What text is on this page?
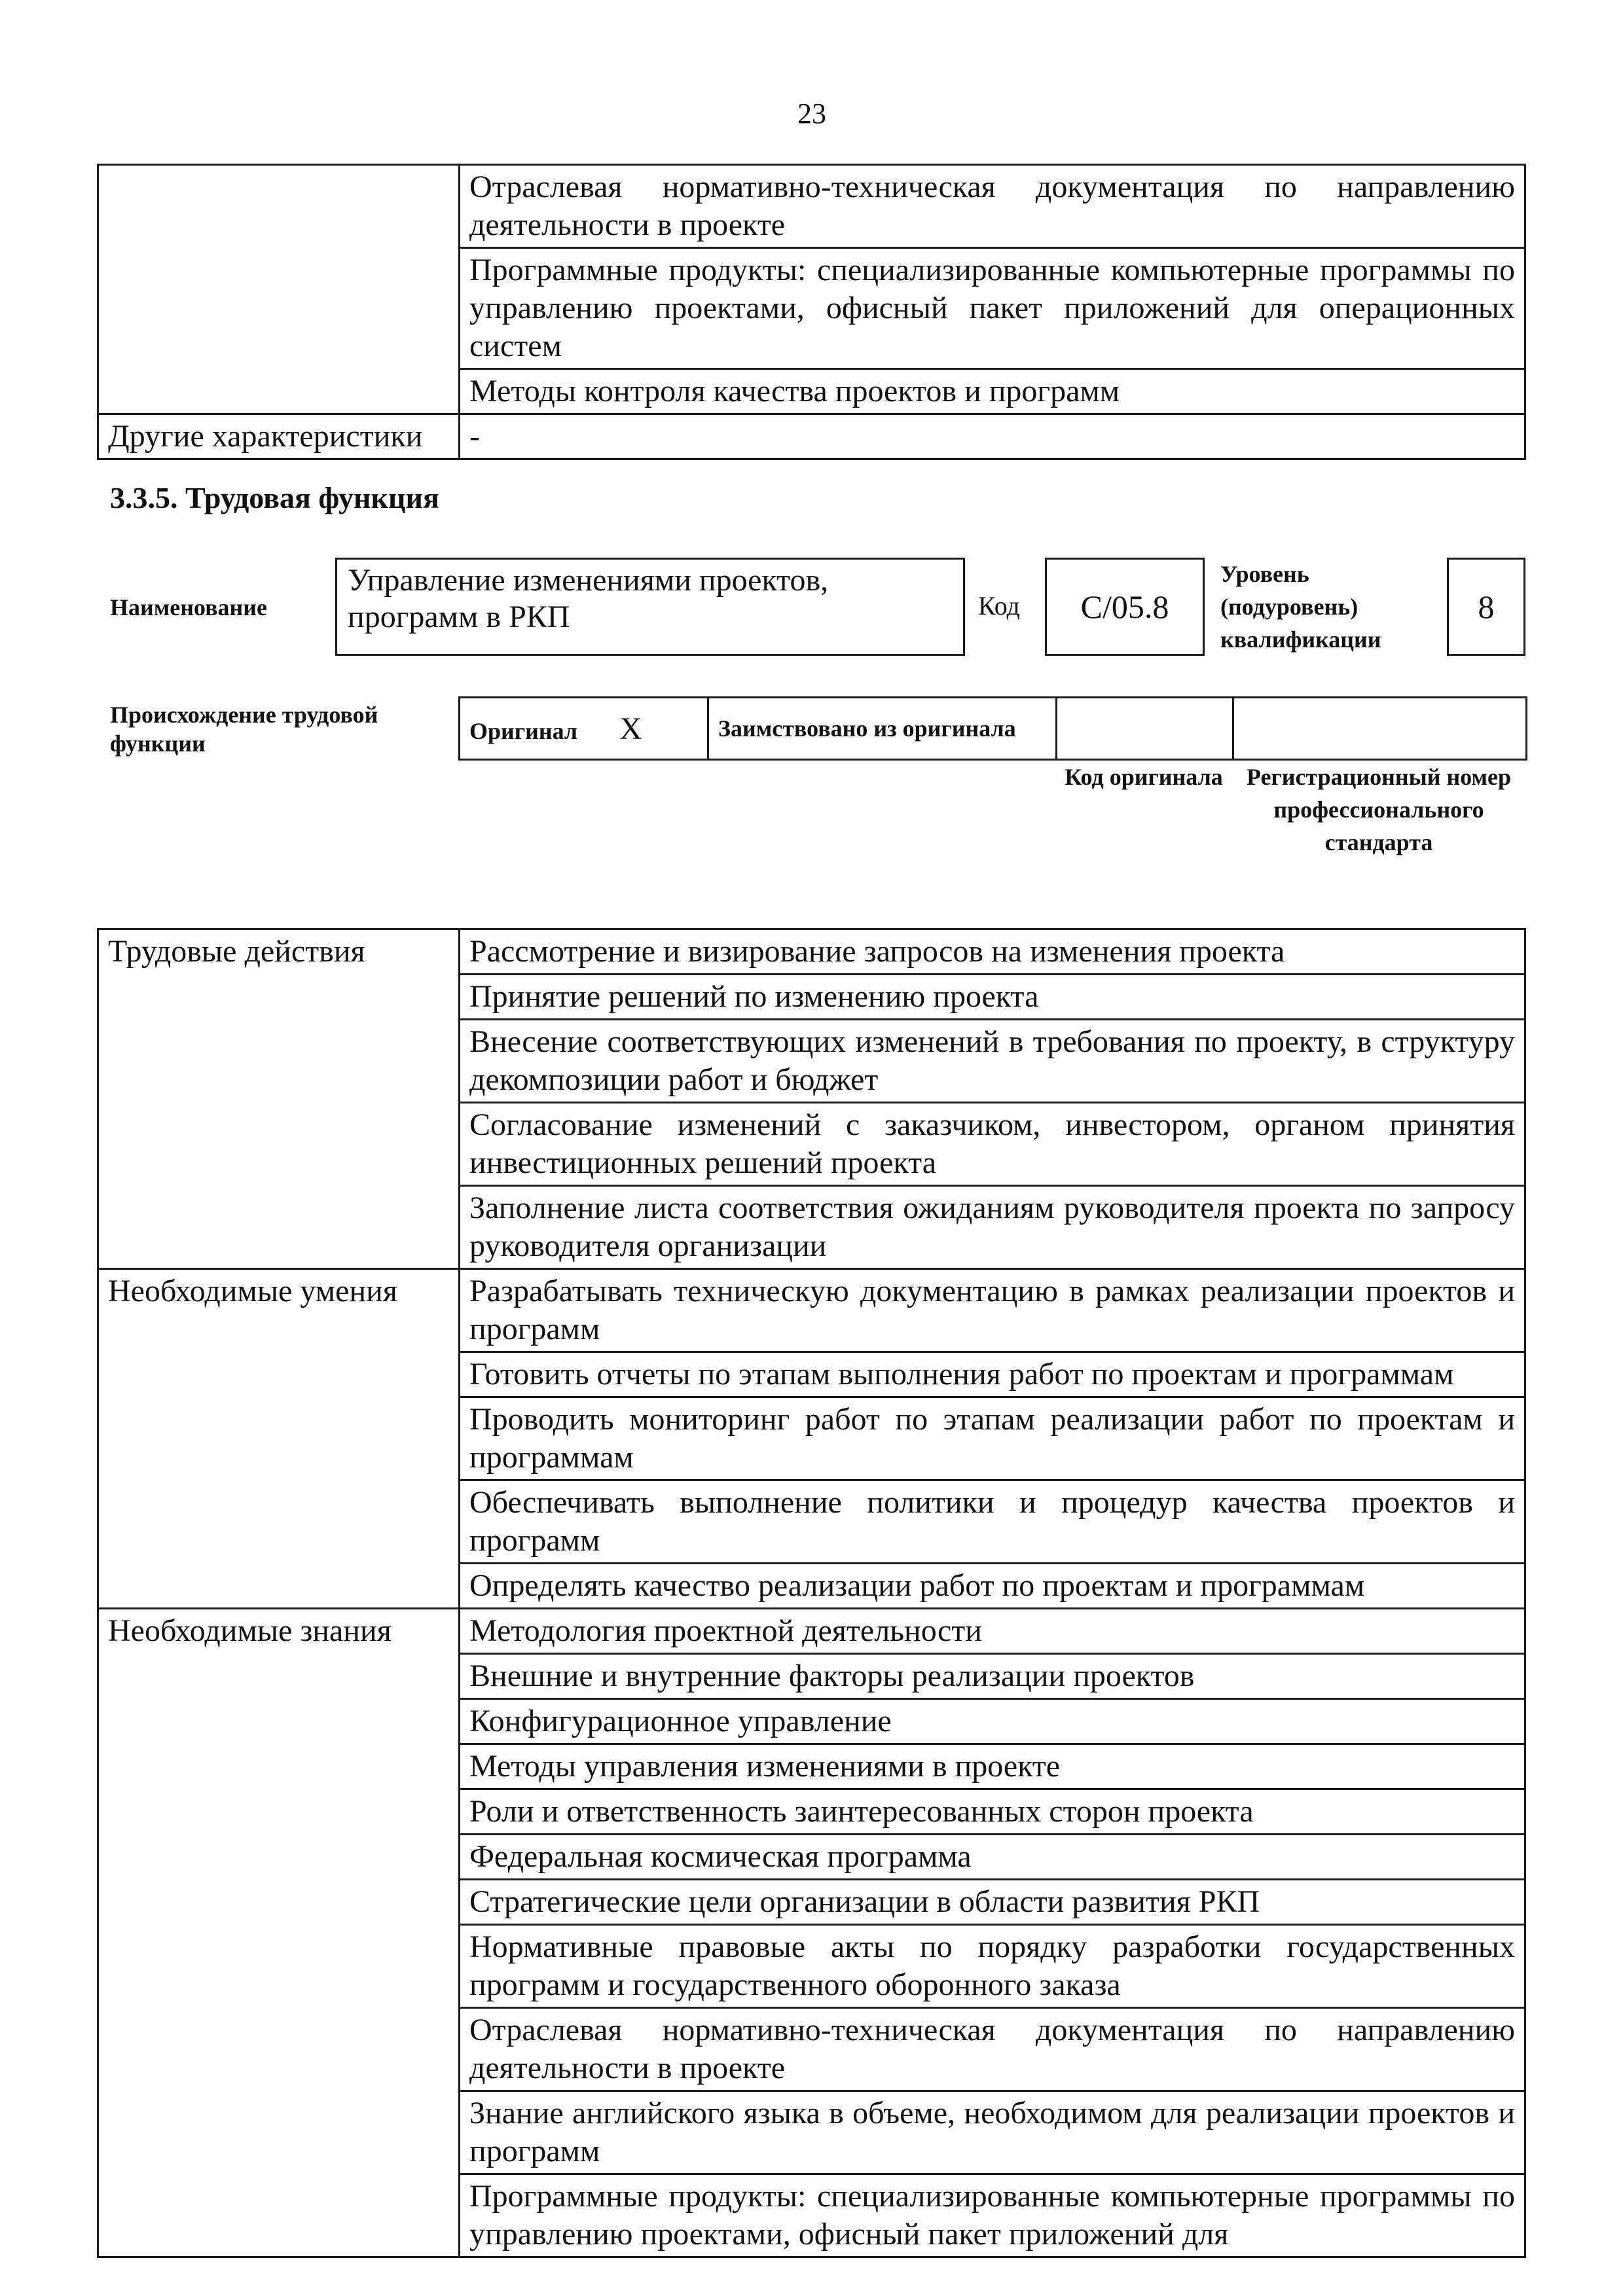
23
	Отраслевая нормативно-техническая документация по направлению деятельности в проекте
	Программные продукты: специализированные компьютерные программы по управлению проектами, офисный пакет приложений для операционных систем
	Методы контроля качества проектов и программ
Другие характеристики	-
3.3.5. Трудовая функция
Наименование
Управление изменениями проектов, программ в РКП	Код	C/05.8
Уровень (подуровень) квалификации
8
Происхождение трудовой функции	Оригинал X	Заимствовано из оригинала		
Код оригинала	Регистрационный номер профессионального стандарта
Трудовые действия	Рассмотрение и визирование запросов на изменения проекта
	Принятие решений по изменению проекта
	Внесение соответствующих изменений в требования по проекту, в структуру декомпозиции работ и бюджет
	Согласование изменений с заказчиком, инвестором, органом принятия инвестиционных решений проекта
	Заполнение листа соответствия ожиданиям руководителя проекта по запросу руководителя организации
Необходимые умения	Разрабатывать техническую документацию в рамках реализации проектов и программ
	Готовить отчеты по этапам выполнения работ по проектам и программам
	Проводить мониторинг работ по этапам реализации работ по проектам и программам
	Обеспечивать выполнение политики и процедур качества проектов и программ
	Определять качество реализации работ по проектам и программам
Необходимые знания	Методология проектной деятельности
	Внешние и внутренние факторы реализации проектов
	Конфигурационное управление
	Методы управления изменениями в проекте
	Роли и ответственность заинтересованных сторон проекта
	Федеральная космическая программа
	Стратегические цели организации в области развития РКП
	Нормативные правовые акты по порядку разработки государственных программ и государственного оборонного заказа
	Отраслевая нормативно-техническая документация по направлению деятельности в проекте
	Знание английского языка в объеме, необходимом для реализации проектов и программ
	Программные продукты: специализированные компьютерные программы по управлению проектами, офисный пакет приложений для
